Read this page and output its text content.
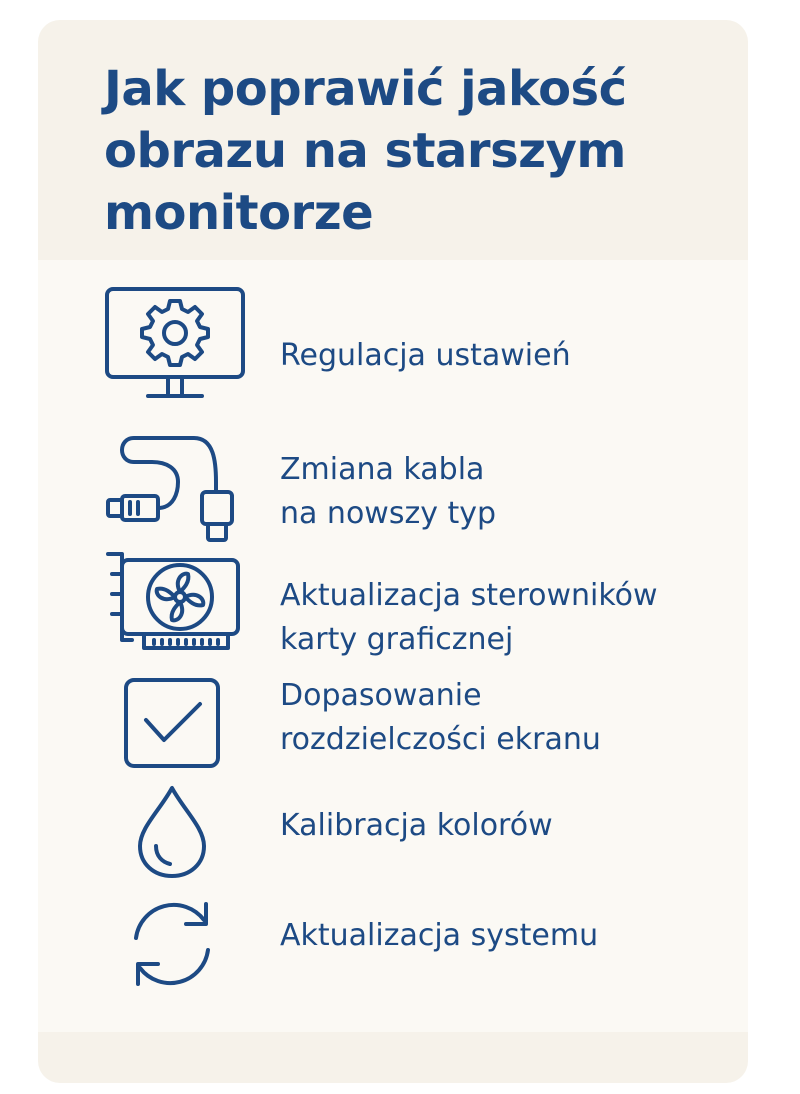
Jak poprawić jakość
obrazu na starszym
monitorze
Regulacja ustawień
Zmiana kabla
na nowszy typ
Aktualizacja sterowników
karty graficznej
Dopasowanie
rozdzielczości ekranu
Kalibracja kolorów
Aktualizacja systemu
